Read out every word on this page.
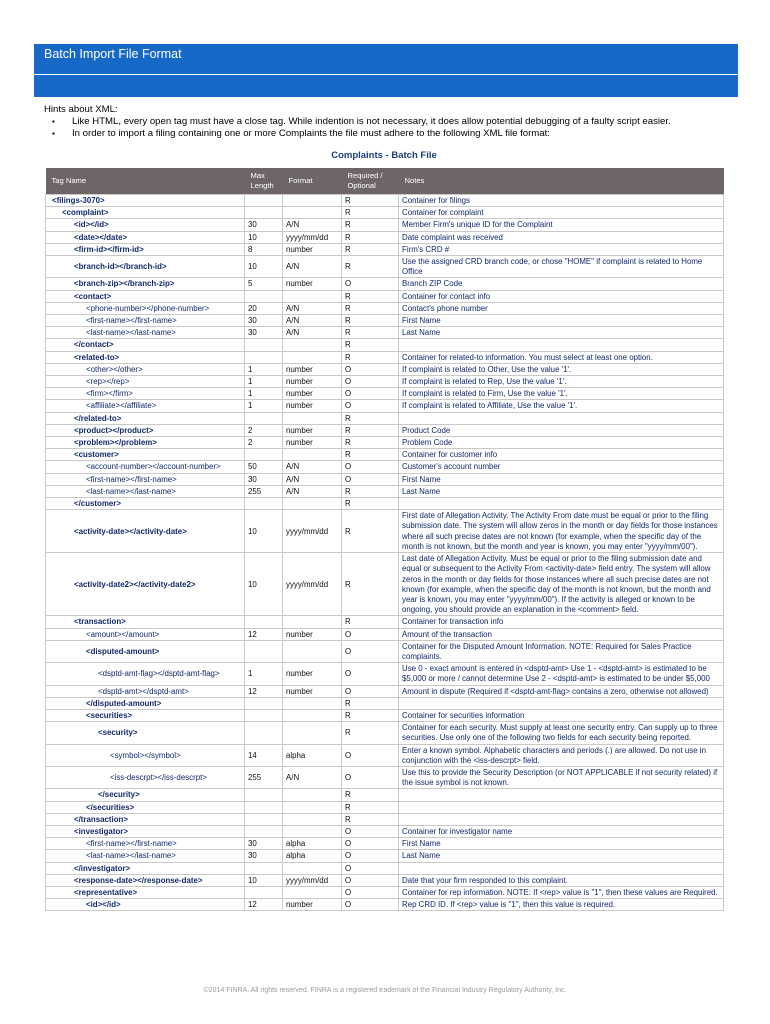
Batch Import File Format
Hints about XML:
▪ Like HTML, every open tag must have a close tag. While indention is not necessary, it does allow potential debugging of a faulty script easier.
▪ In order to import a filing containing one or more Complaints the file must adhere to the following XML file format:
Complaints - Batch File
Tag Name	Max Length	Format	Required / Optional	Notes
<filings-3070>			R	Container for filings
<complaint>			R	Container for complaint
<id></id>	30	A/N	R	Member Firm's unique ID for the Complaint
<date></date>	10	yyyy/mm/dd	R	Date complaint was received
<firm-id></firm-id>	8	number	R	Firm's CRD #
<branch-id></branch-id>	10	A/N	R	Use the assigned CRD branch code, or chose "HOME" if complaint is related to Home Office
<branch-zip></branch-zip>	5	number	O	Branch ZIP Code
<contact>			R	Container for contact info
<phone-number></phone-number>	20	A/N	R	Contact's phone number
<first-name></first-name>	30	A/N	R	First Name
<last-name></last-name>	30	A/N	R	Last Name
</contact>			R	
<related-to>			R	Container for related-to information. You must select at least one option.
<other></other>	1	number	O	If complaint is related to Other, Use the value '1'.
<rep></rep>	1	number	O	If complaint is related to Rep, Use the value '1'.
<firm></firm>	1	number	O	If complaint is related to Firm, Use the value '1'.
<affiliate></affiliate>	1	number	O	If complaint is related to Affiliate, Use the value '1'.
</related-to>			R	
<product></product>	2	number	R	Product Code
<problem></problem>	2	number	R	Problem Code
<customer>			R	Container for customer info
<account-number></account-number>	50	A/N	O	Customer's account number
<first-name></first-name>	30	A/N	O	First Name
<last-name></last-name>	255	A/N	R	Last Name
</customer>			R	
<activity-date></activity-date>	10	yyyy/mm/dd	R	First date of Allegation Activity. The Activity From date must be equal or prior to the filing submission date. The system will allow zeros in the month or day fields for those instances where all such precise dates are not known (for example, when the specific day of the month is not known, but the month and year is known, you may enter "yyyy/mm/00").
<activity-date2></activity-date2>	10	yyyy/mm/dd	R	Last date of Allegation Activity. Must be equal or prior to the filing submission date and equal or subsequent to the Activity From <activity-date> field entry. The system will allow zeros in the month or day fields for those instances where all such precise dates are not known (for example, when the specific day of the month is not known, but the month and year is known, you may enter "yyyy/mm/00"). If the activity is alleged or known to be ongoing, you should provide an explanation in the <comment> field.
<transaction>			R	Container for transaction info
<amount></amount>	12	number	O	Amount of the transaction
<disputed-amount>			O	Container for the Disputed Amount Information. NOTE: Required for Sales Practice complaints.
<dsptd-amt-flag></dsptd-amt-flag>	1	number	O	Use 0 - exact amount is entered in <dsptd-amt> Use 1 - <dsptd-amt> is estimated to be $5,000 or more / cannot determine Use 2 - <dsptd-amt> is estimated to be under $5,000
<dsptd-amt></dsptd-amt>	12	number	O	Amount in dispute (Required if <dsptd-amt-flag> contains a zero, otherwise not allowed)
</disputed-amount>			R	
<securities>			R	Container for securities information
<security>			R	Container for each security. Must supply at least one security entry. Can supply up to three securities. Use only one of the following two fields for each security being reported.
<symbol></symbol>	14	alpha	O	Enter a known symbol. Alphabetic characters and periods (.) are allowed. Do not use in conjunction with the <iss-descrpt> field.
<iss-descrpt></iss-descrpt>	255	A/N	O	Use this to provide the Security Description (or NOT APPLICABLE if not security related) if the issue symbol is not known.
</security>			R	
</securities>			R	
</transaction>			R	
<investigator>			O	Container for investigator name
<first-name></first-name>	30	alpha	O	First Name
<last-name></last-name>	30	alpha	O	Last Name
</investigator>			O	
<response-date></response-date>	10	yyyy/mm/dd	O	Date that your firm responded to this complaint.
<representative>			O	Container for rep information. NOTE: If <rep> value is "1", then these values are Required.
<id></id>	12	number	O	Rep CRD ID. If <rep> value is "1", then this value is required.
©2014 FINRA. All rights reserved. FINRA is a registered trademark of the Financial Industry Regulatory Authority, Inc.
